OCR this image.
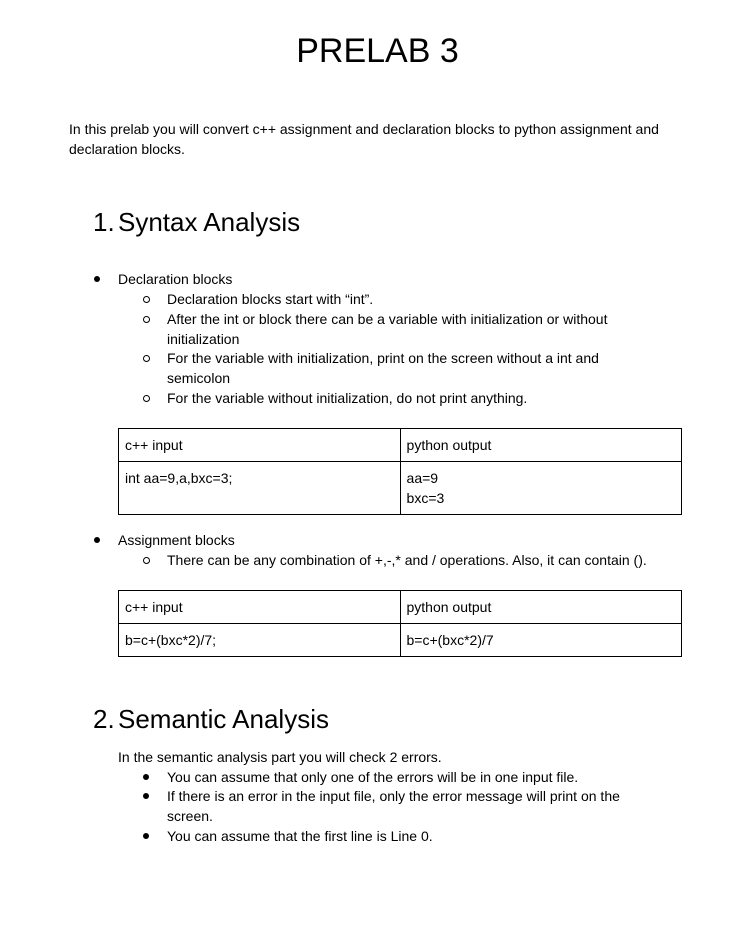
PRELAB 3
In this prelab you will convert c++ assignment and declaration blocks to python assignment and declaration blocks.
1. Syntax Analysis
Declaration blocks
Declaration blocks start with “int”.
After the int or block there can be a variable with initialization or without
initialization
For the variable with initialization, print on the screen without a int and
semicolon
For the variable without initialization, do not print anything.
c++ input	python output
int aa=9,a,bxc=3;	aa=9
bxc=3
Assignment blocks
There can be any combination of +,-,* and / operations. Also, it can contain ().
c++ input	python output
b=c+(bxc*2)/7;	b=c+(bxc*2)/7
2. Semantic Analysis
In the semantic analysis part you will check 2 errors.
You can assume that only one of the errors will be in one input file.
If there is an error in the input file, only the error message will print on the
screen.
You can assume that the first line is Line 0.
